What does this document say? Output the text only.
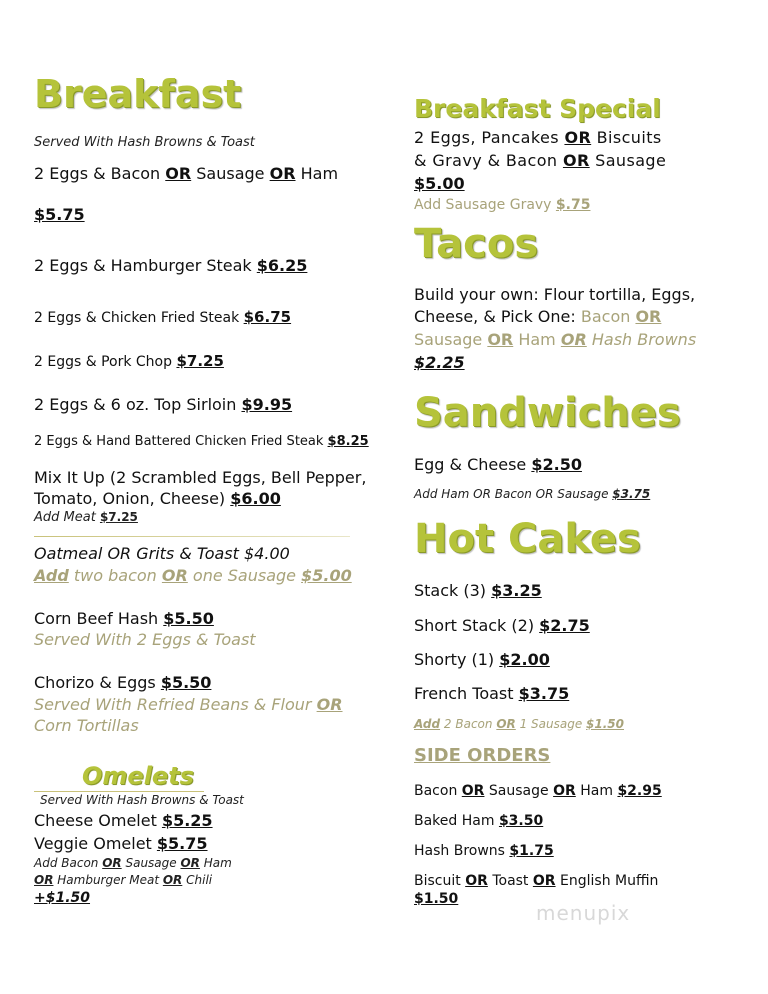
Breakfast
Served With Hash Browns & Toast
2 Eggs & Bacon OR Sausage OR Ham
$5.75
2 Eggs & Hamburger Steak $6.25
2 Eggs & Chicken Fried Steak $6.75
2 Eggs & Pork Chop $7.25
2 Eggs & 6 oz. Top Sirloin $9.95
2 Eggs & Hand Battered Chicken Fried Steak $8.25
Mix It Up (2 Scrambled Eggs, Bell Pepper,
Tomato, Onion, Cheese) $6.00
Add Meat $7.25
Oatmeal OR Grits & Toast $4.00
Add two bacon OR one Sausage $5.00
Corn Beef Hash $5.50
Served With 2 Eggs & Toast
Chorizo & Eggs $5.50
Served With Refried Beans & Flour OR
Corn Tortillas
Omelets
Served With Hash Browns & Toast
Cheese Omelet $5.25
Veggie Omelet $5.75
Add Bacon OR Sausage OR Ham
OR Hamburger Meat OR Chili
+$1.50
Breakfast Special
2 Eggs, Pancakes OR Biscuits
& Gravy & Bacon OR Sausage
$5.00
Add Sausage Gravy $.75
Tacos
Build your own: Flour tortilla, Eggs,
Cheese, & Pick One: Bacon OR
Sausage OR Ham OR Hash Browns
$2.25
Sandwiches
Egg & Cheese $2.50
Add Ham OR Bacon OR Sausage $3.75
Hot Cakes
Stack (3) $3.25
Short Stack (2) $2.75
Shorty (1) $2.00
French Toast $3.75
Add 2 Bacon OR 1 Sausage $1.50
SIDE ORDERS
Bacon OR Sausage OR Ham $2.95
Baked Ham $3.50
Hash Browns $1.75
Biscuit OR Toast OR English Muffin
$1.50
menupix
